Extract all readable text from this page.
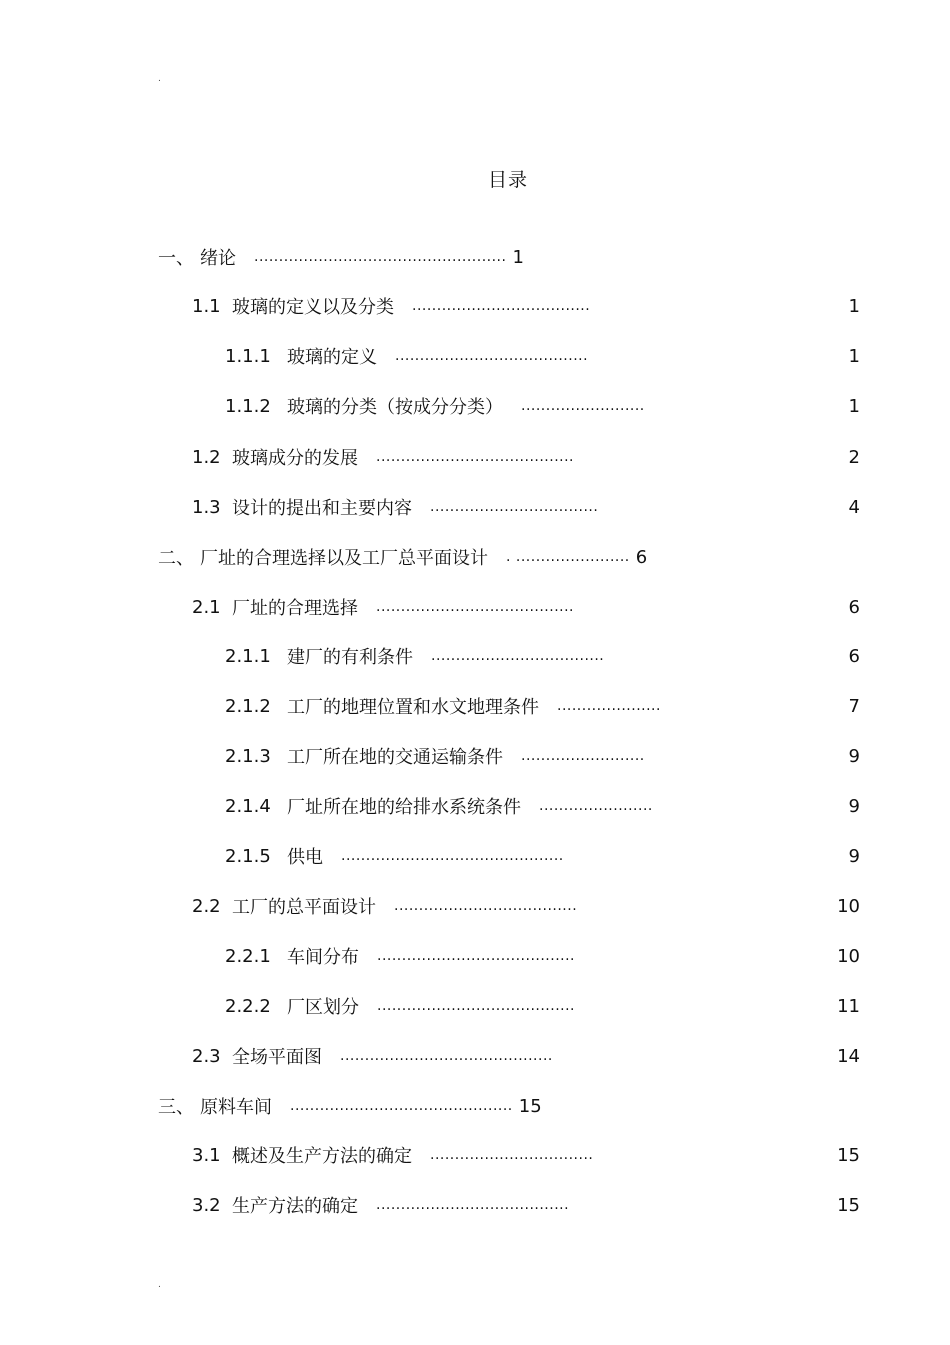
.
目录
一、 绪论 ................................................... 1
1.1 玻璃的定义以及分类 ....................................	1
1.1.1 玻璃的定义 .......................................	1
1.1.2 玻璃的分类（按成分分类） .........................	1
1.2 玻璃成分的发展 ........................................	2
1.3 设计的提出和主要内容 ..................................	4
二、 厂址的合理选择以及工厂总平面设计 . ....................... 6
2.1 厂址的合理选择 ........................................	6
2.1.1 建厂的有利条件 ...................................	6
2.1.2 工厂的地理位置和水文地理条件 .....................	7
2.1.3 工厂所在地的交通运输条件 .........................	9
2.1.4 厂址所在地的给排水系统条件 .......................	9
2.1.5 供电 .............................................	9
2.2 工厂的总平面设计 .....................................	10
2.2.1 车间分布 ........................................	10
2.2.2 厂区划分 ........................................	11
2.3 全场平面图 ...........................................	14
三、 原料车间 ............................................. 15
3.1 概述及生产方法的确定 .................................	15
3.2 生产方法的确定 .......................................	15
.
